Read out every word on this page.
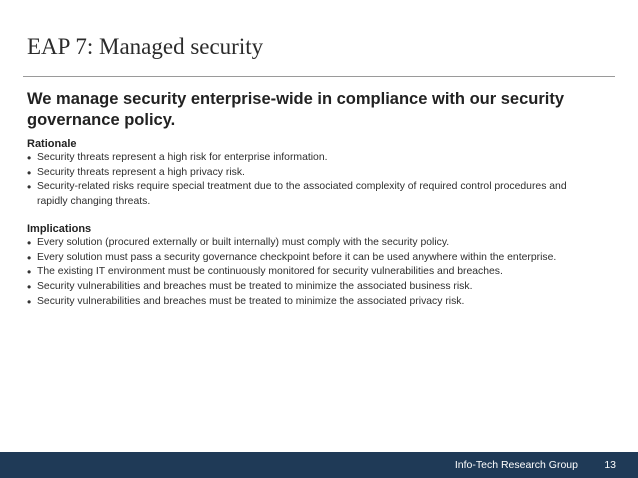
EAP 7: Managed security
We manage security enterprise-wide in compliance with our security governance policy.
Rationale
• Security threats represent a high risk for enterprise information.
• Security threats represent a high privacy risk.
• Security-related risks require special treatment due to the associated complexity of required control procedures and rapidly changing threats.
Implications
• Every solution (procured externally or built internally) must comply with the security policy.
• Every solution must pass a security governance checkpoint before it can be used anywhere within the enterprise.
• The existing IT environment must be continuously monitored for security vulnerabilities and breaches.
• Security vulnerabilities and breaches must be treated to minimize the associated business risk.
• Security vulnerabilities and breaches must be treated to minimize the associated privacy risk.
Info-Tech Research Group	13
